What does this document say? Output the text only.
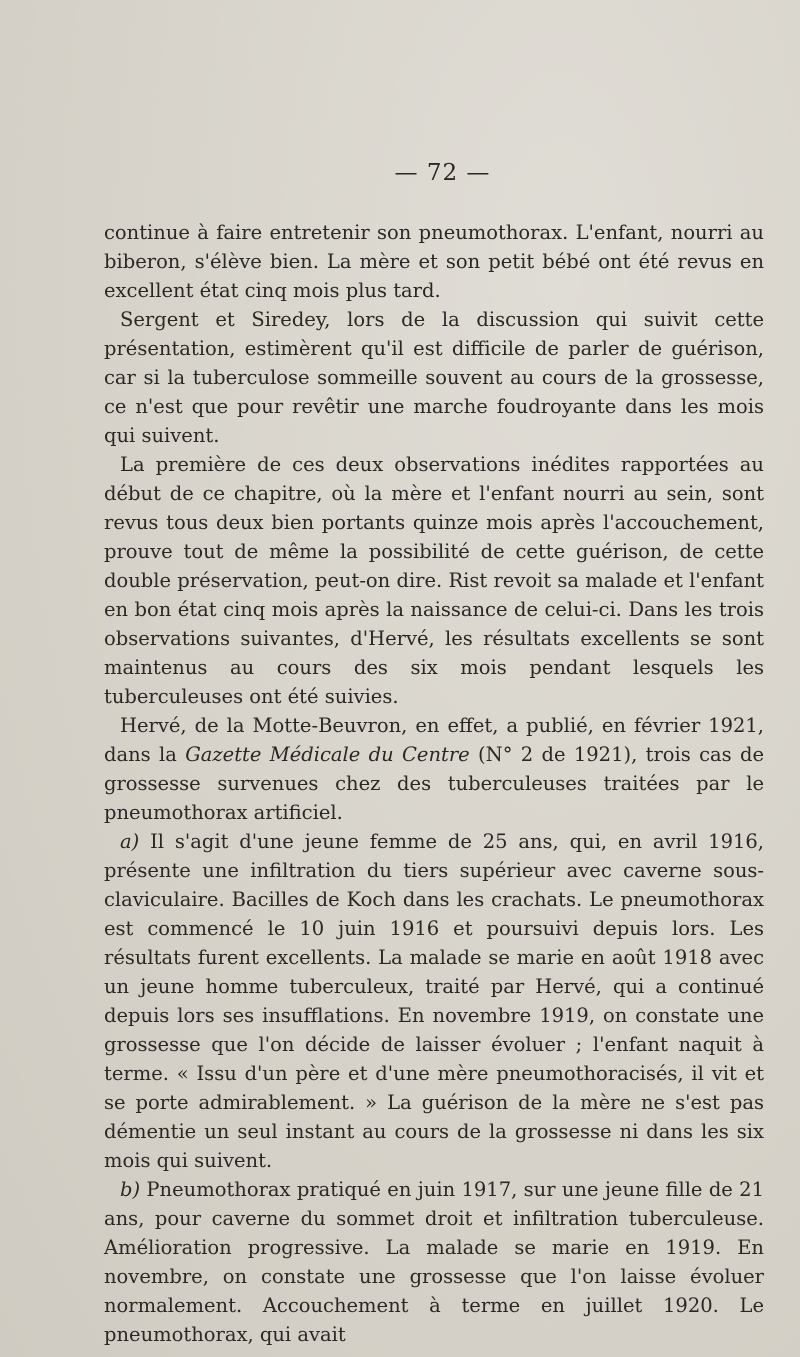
— 72 —

continue à faire entretenir son pneumothorax. L'enfant, nourri au biberon, s'élève bien. La mère et son petit bébé ont été revus en excellent état cinq mois plus tard.

Sergent et Siredey, lors de la discussion qui suivit cette présentation, estimèrent qu'il est difficile de parler de guérison, car si la tuberculose sommeille souvent au cours de la grossesse, ce n'est que pour revêtir une marche foudroyante dans les mois qui suivent.

La première de ces deux observations inédites rapportées au début de ce chapitre, où la mère et l'enfant nourri au sein, sont revus tous deux bien portants quinze mois après l'accouchement, prouve tout de même la possibilité de cette guérison, de cette double préservation, peut-on dire. Rist revoit sa malade et l'enfant en bon état cinq mois après la naissance de celui-ci. Dans les trois observations suivantes, d'Hervé, les résultats excellents se sont maintenus au cours des six mois pendant lesquels les tuberculeuses ont été suivies.

Hervé, de la Motte-Beuvron, en effet, a publié, en février 1921, dans la Gazette Médicale du Centre (N° 2 de 1921), trois cas de grossesse survenues chez des tuberculeuses traitées par le pneumothorax artificiel.

a) Il s'agit d'une jeune femme de 25 ans, qui, en avril 1916, présente une infiltration du tiers supérieur avec caverne sous-claviculaire. Bacilles de Koch dans les crachats. Le pneumothorax est commencé le 10 juin 1916 et poursuivi depuis lors. Les résultats furent excellents. La malade se marie en août 1918 avec un jeune homme tuberculeux, traité par Hervé, qui a continué depuis lors ses insufflations. En novembre 1919, on constate une grossesse que l'on décide de laisser évoluer ; l'enfant naquit à terme. « Issu d'un père et d'une mère pneumothoracisés, il vit et se porte admirablement. » La guérison de la mère ne s'est pas démentie un seul instant au cours de la grossesse ni dans les six mois qui suivent.

b) Pneumothorax pratiqué en juin 1917, sur une jeune fille de 21 ans, pour caverne du sommet droit et infiltration tuberculeuse. Amélioration progressive. La malade se marie en 1919. En novembre, on constate une grossesse que l'on laisse évoluer normalement. Accouchement à terme en juillet 1920. Le pneumothorax, qui avait
